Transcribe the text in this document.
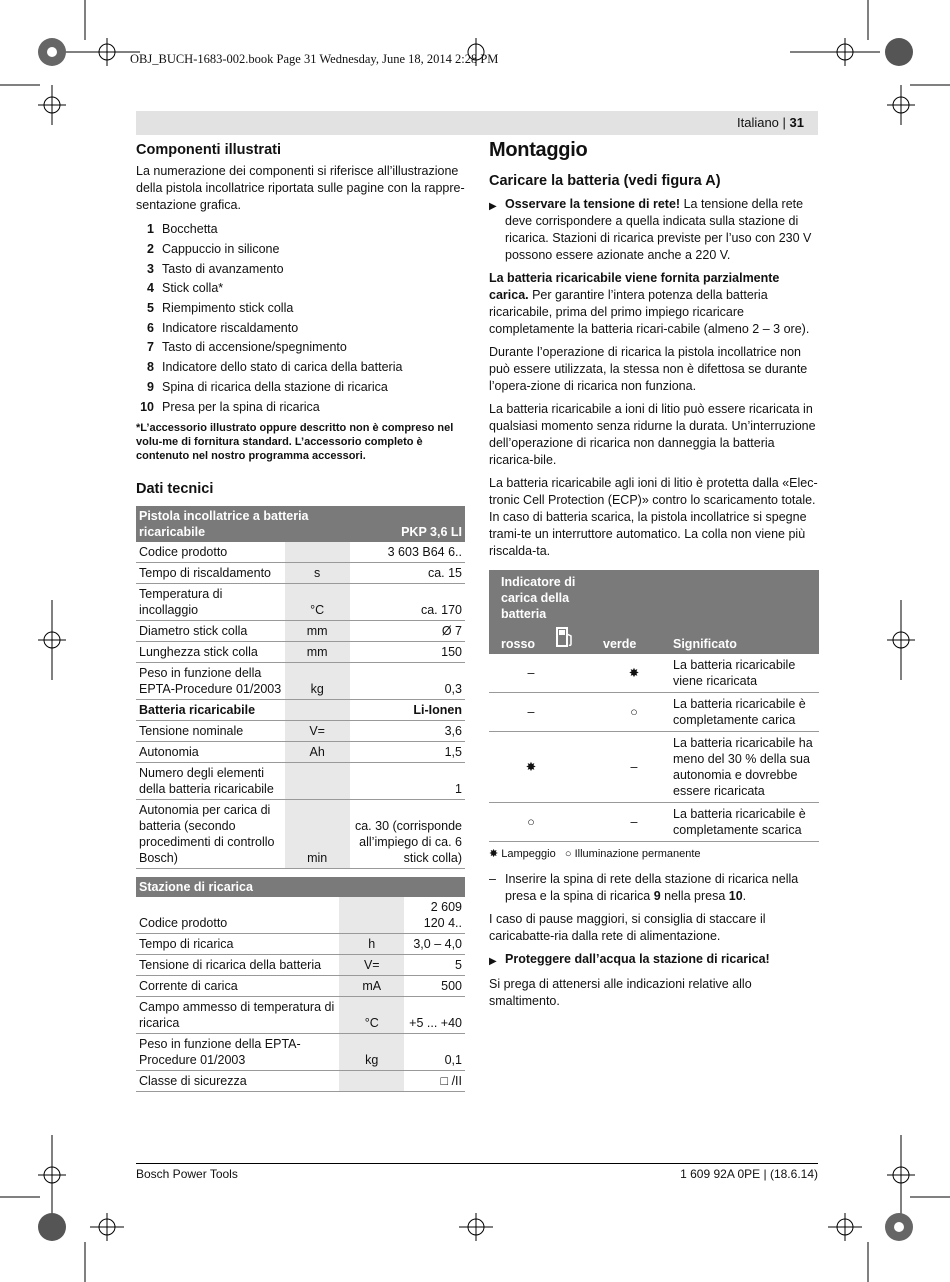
OBJ_BUCH-1683-002.book Page 31 Wednesday, June 18, 2014 2:28 PM
Italiano | 31
Componenti illustrati

La numerazione dei componenti si riferisce all’illustrazione della pistola incollatrice riportata sulle pagine con la rappre-sentazione grafica.

1 Bocchetta
2 Cappuccio in silicone
3 Tasto di avanzamento
4 Stick colla*
5 Riempimento stick colla
6 Indicatore riscaldamento
7 Tasto di accensione/spegnimento
8 Indicatore dello stato di carica della batteria
9 Spina di ricarica della stazione di ricarica
10 Presa per la spina di ricarica
*L’accessorio illustrato oppure descritto non è compreso nel volu-me di fornitura standard. L’accessorio completo è contenuto nel nostro programma accessori.
Dati tecnici
Pistola incollatrice a batteria ricaricabile		PKP 3,6 LI
Codice prodotto		3 603 B64 6..
Tempo di riscaldamento	s	ca. 15
Temperatura di incollaggio	°C	ca. 170
Diametro stick colla	mm	Ø 7
Lunghezza stick colla	mm	150
Peso in funzione della EPTA-Procedure 01/2003	kg	0,3
Batteria ricaricabile		Li-Ionen
Tensione nominale	V=	3,6
Autonomia	Ah	1,5
Numero degli elementi della batteria ricaricabile		1
Autonomia per carica di batteria (secondo procedimenti di controllo Bosch)	min	ca. 30 (corrisponde all’impiego di ca. 6 stick colla)
Stazione di ricarica		
Codice prodotto		2 609 120 4..
Tempo di ricarica	h	3,0 – 4,0
Tensione di ricarica della batteria	V=	5
Corrente di carica	mA	500
Campo ammesso di temperatura di ricarica	°C	+5 ... +40
Peso in funzione della EPTA-Procedure 01/2003	kg	0,1
Classe di sicurezza		□ /II
Montaggio
Caricare la batteria (vedi figura A)
▶ Osservare la tensione di rete! La tensione della rete deve corrispondere a quella indicata sulla stazione di ricarica. Stazioni di ricarica previste per l’uso con 230 V possono essere azionate anche a 220 V.

La batteria ricaricabile viene fornita parzialmente carica. Per garantire l’intera potenza della batteria ricaricabile, prima del primo impiego ricaricare completamente la batteria ricari-cabile (almeno 2 – 3 ore).

Durante l’operazione di ricarica la pistola incollatrice non può essere utilizzata, la stessa non è difettosa se durante l’opera-zione di ricarica non funziona.

La batteria ricaricabile a ioni di litio può essere ricaricata in qualsiasi momento senza ridurne la durata. Un’interruzione dell’operazione di ricarica non danneggia la batteria ricarica-bile.

La batteria ricaricabile agli ioni di litio è protetta dalla «Elec-tronic Cell Protection (ECP)» contro lo scaricamento totale. In caso di batteria scarica, la pistola incollatrice si spegne trami-te un interruttore automatico. La colla non viene più riscalda-ta.

Indicatore di carica della batteria			
rosso		verde	Significato
–		✸	La batteria ricaricabile viene ricaricata
–		○	La batteria ricaricabile è completamente carica
✸		–	La batteria ricaricabile ha meno del 30 % della sua autonomia e dovrebbe essere ricaricata
○		–	La batteria ricaricabile è completamente scarica
✸ Lampeggio ○ Illuminazione permanente
– Inserire la spina di rete della stazione di ricarica nella presa e la spina di ricarica 9 nella presa 10.

I caso di pause maggiori, si consiglia di staccare il caricabatte-ria dalla rete di alimentazione.

▶ Proteggere dall’acqua la stazione di ricarica!

Si prega di attenersi alle indicazioni relative allo smaltimento.

Bosch Power Tools	1 609 92A 0PE | (18.6.14)
